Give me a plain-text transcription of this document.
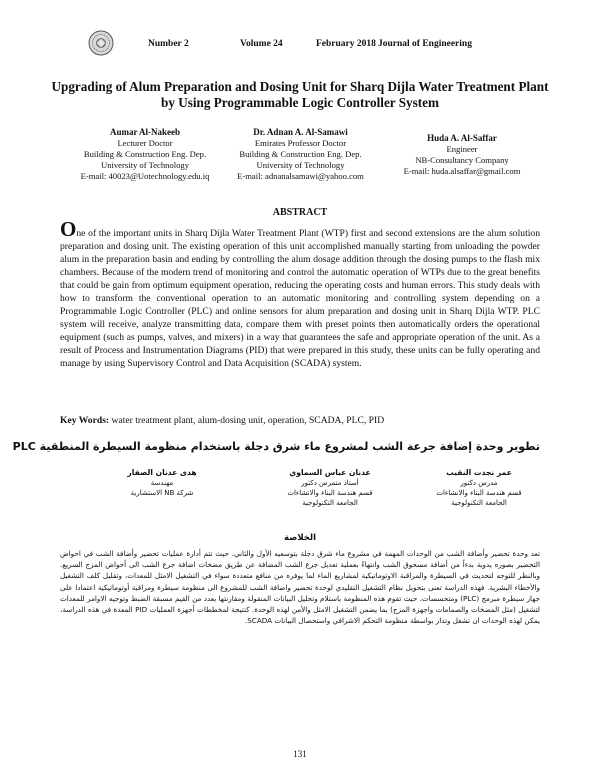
Number 2	Volume 24	February 2018 Journal of Engineering
Upgrading of Alum Preparation and Dosing Unit for Sharq Dijla Water Treatment Plant by Using Programmable Logic Controller System
Aumar Al-Nakeeb
Lecturer Doctor
Building & Construction Eng. Dep.
University of Technology
E-mail: 40023@Uotechnology.edu.iq
Dr. Adnan A. Al-Samawi
Emirates Professor Doctor
Building & Construction Eng. Dep.
University of Technology
E-mail: adnanalsamawi@yahoo.com
Huda A. Al-Saffar
Engineer
NB-Consultancy Company
E-mail: huda.alsaffar@gmail.com
ABSTRACT
One of the important units in Sharq Dijla Water Treatment Plant (WTP) first and second extensions are the alum solution preparation and dosing unit. The existing operation of this unit accomplished manually starting from unloading the powder alum in the preparation basin and ending by controlling the alum dosage addition through the dosing pumps to the flash mix chambers. Because of the modern trend of monitoring and control the automatic operation of WTPs due to the great benefits that could be gain from optimum equipment operation, reducing the operating costs and human errors. This study deals with how to transform the conventional operation to an automatic monitoring and controlling system depending on a Programmable Logic Controller (PLC) and online sensors for alum preparation and dosing unit in Sharq Dijla WTP. PLC system will receive, analyze transmitting data, compare them with preset points then automatically orders the operational equipment (such as pumps, valves, and mixers) in a way that guarantees the safe and appropriate operation of the unit. As a result of Process and Instrumentation Diagrams (PID) that were prepared in this study, these units can be fully operating and manage by using Supervisory Control and Data Acquisition (SCADA) system.
Key Words: water treatment plant, alum-dosing unit, operation, SCADA, PLC, PID
تطوير وحدة إضافة جرعة الشب لمشروع ماء شرق دجلة باستخدام منظومة السيطرة المنطقية PLC
عمر نجدت النقيب
مدرس دكتور
قسم هندسة البناء والانشاءات
الجامعة التكنولوجية
عدنان عباس السماوي
أستاذ متمرس دكتور
قسم هندسة البناء والانشاءات
الجامعة التكنولوجية
هدى عدنان الصفار
مهندسة
شركة NB الاستشارية
الخلاصة
تعد وحدة تحضير وأضافة الشب من الوحدات المهمة في مشروع ماء شرق دجلة بتوسعيه الأول والثاني. حيث تتم أدارة عمليات تحضير وأضافة الشب في احواض التحضير بصوره يدوية بدءاً من أضافة مسحوق الشب وانتهاءً بعملية تعديل جرع الشب المضافة عن طريق مضخات اضافة جرع الشب الى أحواض المزج السريع. وبالنظر للتوجه لتحديث في السيطرة والمراقبة الاوتوماتيكية لمشاريع الماء لما يوفره من منافع متعددة سواء في التشغيل الامثل للمعدات، وتقليل كلف التشغيل والأخطاء البشرية. فهذه الدراسة تعنى بتحويل نظام التشغيل التقليدي لوحدة تحضير واضافة الشب للمشروع الى منظومة سيطرة ومراقبة أوتوماتيكية اعتمادا على جهاز سيطرة مبرمج (PLC) ومتحسسات. حيث تقوم هذه المنظومة باستلام وتحليل البيانات المنقولة ومقارنتها بعدد من القيم مسبقة الضبط وتوجيه الاوامر للمعدات لتشغيل (مثل المضخات والصمامات واجهزة المزج) بما يضمن التشغيل الامثل والأمن لهذه الوحدة. كنتيجة لمخططات أجهزة العمليات PID المعدة في هذه الدراسة، يمكن لهذه الوحدات ان تشغل وتدار بواسطة منظومة التحكم الاشرافي واستحصال البيانات SCADA.
131
